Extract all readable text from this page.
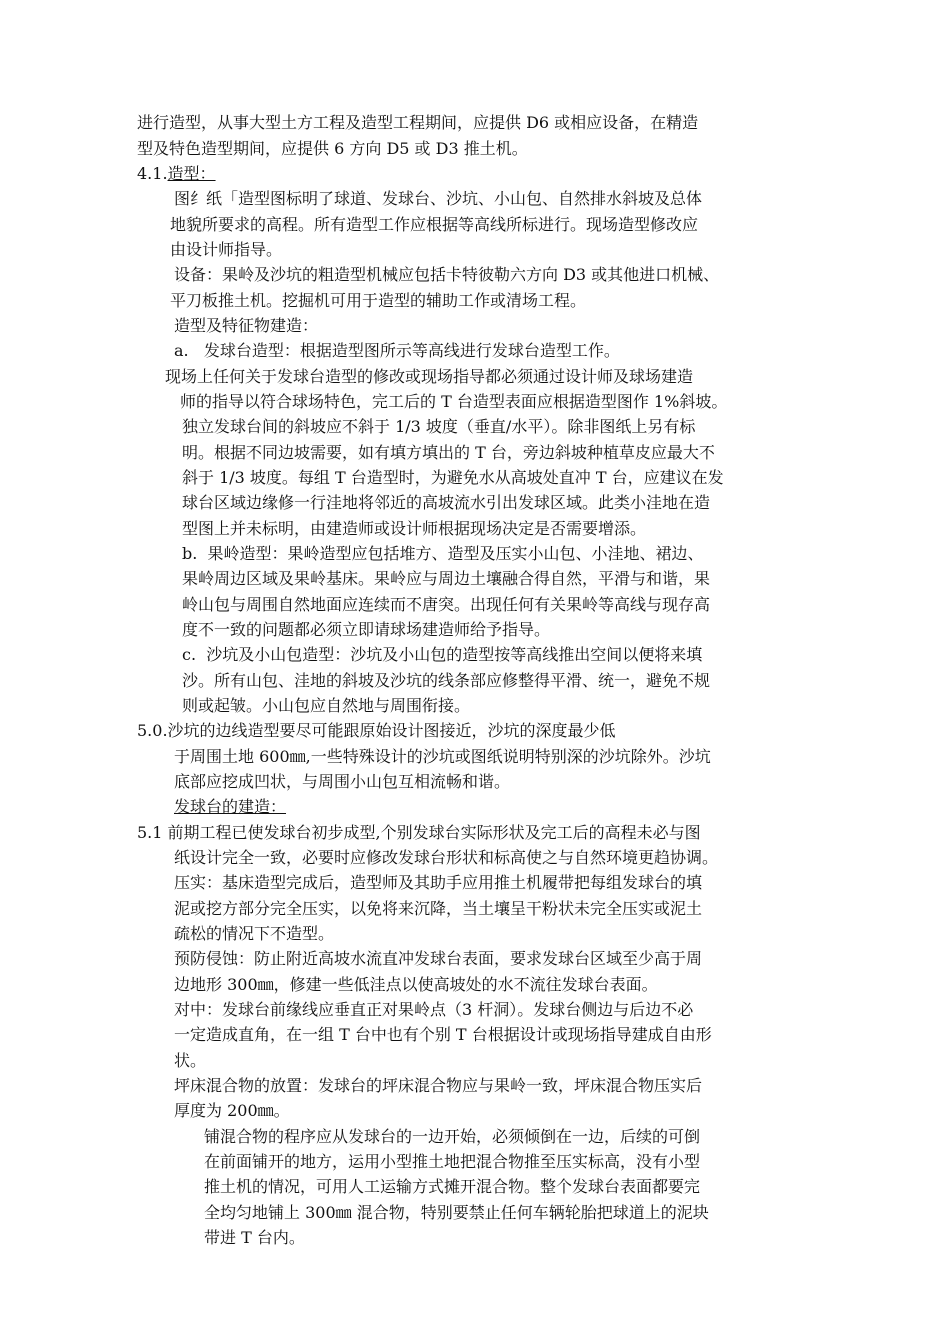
进行造型，从事大型土方工程及造型工程期间，应提供 D6 或相应设备，在精造
型及特色造型期间，应提供 6 方向 D5 或 D3 推土机。
4.1.造型：
图纟纸「造型图标明了球道、发球台、沙坑、小山包、自然排水斜坡及总体
地貌所要求的高程。所有造型工作应根据等高线所标进行。现场造型修改应
由设计师指导。
设备：果岭及沙坑的粗造型机械应包括卡特彼勒六方向 D3 或其他进口机械、
平刀板推土机。挖掘机可用于造型的辅助工作或清场工程。
造型及特征物建造：
a.   发球台造型：根据造型图所示等高线进行发球台造型工作。
现场上任何关于发球台造型的修改或现场指导都必须通过设计师及球场建造
师的指导以符合球场特色，完工后的 T 台造型表面应根据造型图作 1%斜坡。
独立发球台间的斜坡应不斜于 1/3 坡度（垂直/水平）。除非图纸上另有标
明。根据不同边坡需要，如有填方填出的 T 台，旁边斜坡种植草皮应最大不
斜于 1/3 坡度。每组 T 台造型时，为避免水从高坡处直冲 T 台，应建议在发
球台区域边缘修一行洼地将邻近的高坡流水引出发球区域。此类小洼地在造
型图上并未标明，由建造师或设计师根据现场决定是否需要增添。
b.  果岭造型：果岭造型应包括堆方、造型及压实小山包、小洼地、裙边、
果岭周边区域及果岭基床。果岭应与周边土壤融合得自然，平滑与和谐，果
岭山包与周围自然地面应连续而不唐突。出现任何有关果岭等高线与现存高
度不一致的问题都必须立即请球场建造师给予指导。
c.  沙坑及小山包造型：沙坑及小山包的造型按等高线推出空间以便将来填
沙。所有山包、洼地的斜坡及沙坑的线条部应修整得平滑、统一，避免不规
则或起皱。小山包应自然地与周围衔接。
5.0.沙坑的边线造型要尽可能跟原始设计图接近，沙坑的深度最少低
于周围土地 600㎜,一些特殊设计的沙坑或图纸说明特别深的沙坑除外。沙坑
底部应挖成凹状，与周围小山包互相流畅和谐。
发球台的建造：
5.1 前期工程已使发球台初步成型,个别发球台实际形状及完工后的高程未必与图
纸设计完全一致，必要时应修改发球台形状和标高使之与自然环境更趋协调。
压实：基床造型完成后，造型师及其助手应用推土机履带把每组发球台的填
泥或挖方部分完全压实，以免将来沉降，当土壤呈干粉状未完全压实或泥土
疏松的情况下不造型。
预防侵蚀：防止附近高坡水流直冲发球台表面，要求发球台区域至少高于周
边地形 300㎜，修建一些低洼点以使高坡处的水不流往发球台表面。
对中：发球台前缘线应垂直正对果岭点（3 杆洞）。发球台侧边与后边不必
一定造成直角，在一组 T 台中也有个别 T 台根据设计或现场指导建成自由形
状。
坪床混合物的放置：发球台的坪床混合物应与果岭一致，坪床混合物压实后
厚度为 200㎜。
铺混合物的程序应从发球台的一边开始，必须倾倒在一边，后续的可倒
在前面铺开的地方，运用小型推土地把混合物推至压实标高，没有小型
推土机的情况，可用人工运输方式摊开混合物。整个发球台表面都要完
全均匀地铺上 300㎜ 混合物，特别要禁止任何车辆轮胎把球道上的泥块
带进 T 台内。
